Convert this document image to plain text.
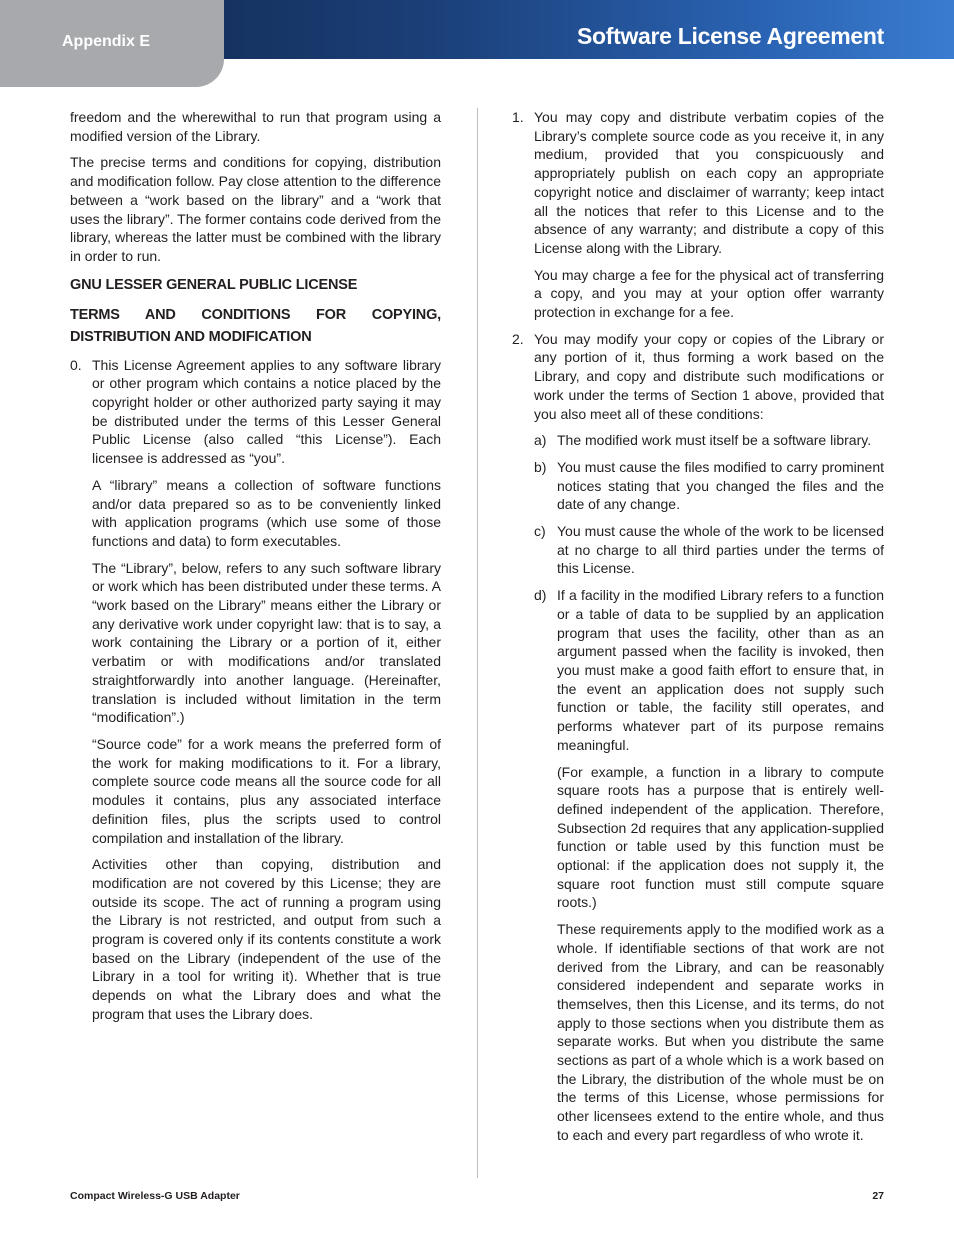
Appendix E	Software License Agreement

freedom and the wherewithal to run that program using a modified version of the Library.

The precise terms and conditions for copying, distribution and modification follow. Pay close attention to the difference between a “work based on the library” and a “work that uses the library”. The former contains code derived from the library, whereas the latter must be combined with the library in order to run.

GNU LESSER GENERAL PUBLIC LICENSE
TERMS AND CONDITIONS FOR COPYING, DISTRIBUTION AND MODIFICATION
0. This License Agreement applies to any software library or other program which contains a notice placed by the copyright holder or other authorized party saying it may be distributed under the terms of this Lesser General Public License (also called “this License”). Each licensee is addressed as “you”.

A “library” means a collection of software functions and/or data prepared so as to be conveniently linked with application programs (which use some of those functions and data) to form executables.

The “Library”, below, refers to any such software library or work which has been distributed under these terms. A “work based on the Library” means either the Library or any derivative work under copyright law: that is to say, a work containing the Library or a portion of it, either verbatim or with modifications and/or translated straightforwardly into another language. (Hereinafter, translation is included without limitation in the term “modification”.)

“Source code” for a work means the preferred form of the work for making modifications to it. For a library, complete source code means all the source code for all modules it contains, plus any associated interface definition files, plus the scripts used to control compilation and installation of the library.

Activities other than copying, distribution and modification are not covered by this License; they are outside its scope. The act of running a program using the Library is not restricted, and output from such a program is covered only if its contents constitute a work based on the Library (independent of the use of the Library in a tool for writing it). Whether that is true depends on what the Library does and what the program that uses the Library does.

1. You may copy and distribute verbatim copies of the Library’s complete source code as you receive it, in any medium, provided that you conspicuously and appropriately publish on each copy an appropriate copyright notice and disclaimer of warranty; keep intact all the notices that refer to this License and to the absence of any warranty; and distribute a copy of this License along with the Library.

You may charge a fee for the physical act of transferring a copy, and you may at your option offer warranty protection in exchange for a fee.

2. You may modify your copy or copies of the Library or any portion of it, thus forming a work based on the Library, and copy and distribute such modifications or work under the terms of Section 1 above, provided that you also meet all of these conditions:

a) The modified work must itself be a software library.

b) You must cause the files modified to carry prominent notices stating that you changed the files and the date of any change.

c) You must cause the whole of the work to be licensed at no charge to all third parties under the terms of this License.

d) If a facility in the modified Library refers to a function or a table of data to be supplied by an application program that uses the facility, other than as an argument passed when the facility is invoked, then you must make a good faith effort to ensure that, in the event an application does not supply such function or table, the facility still operates, and performs whatever part of its purpose remains meaningful.

(For example, a function in a library to compute square roots has a purpose that is entirely well-defined independent of the application. Therefore, Subsection 2d requires that any application-supplied function or table used by this function must be optional: if the application does not supply it, the square root function must still compute square roots.)

These requirements apply to the modified work as a whole. If identifiable sections of that work are not derived from the Library, and can be reasonably considered independent and separate works in themselves, then this License, and its terms, do not apply to those sections when you distribute them as separate works. But when you distribute the same sections as part of a whole which is a work based on the Library, the distribution of the whole must be on the terms of this License, whose permissions for other licensees extend to the entire whole, and thus to each and every part regardless of who wrote it.

Compact Wireless-G USB Adapter	27
